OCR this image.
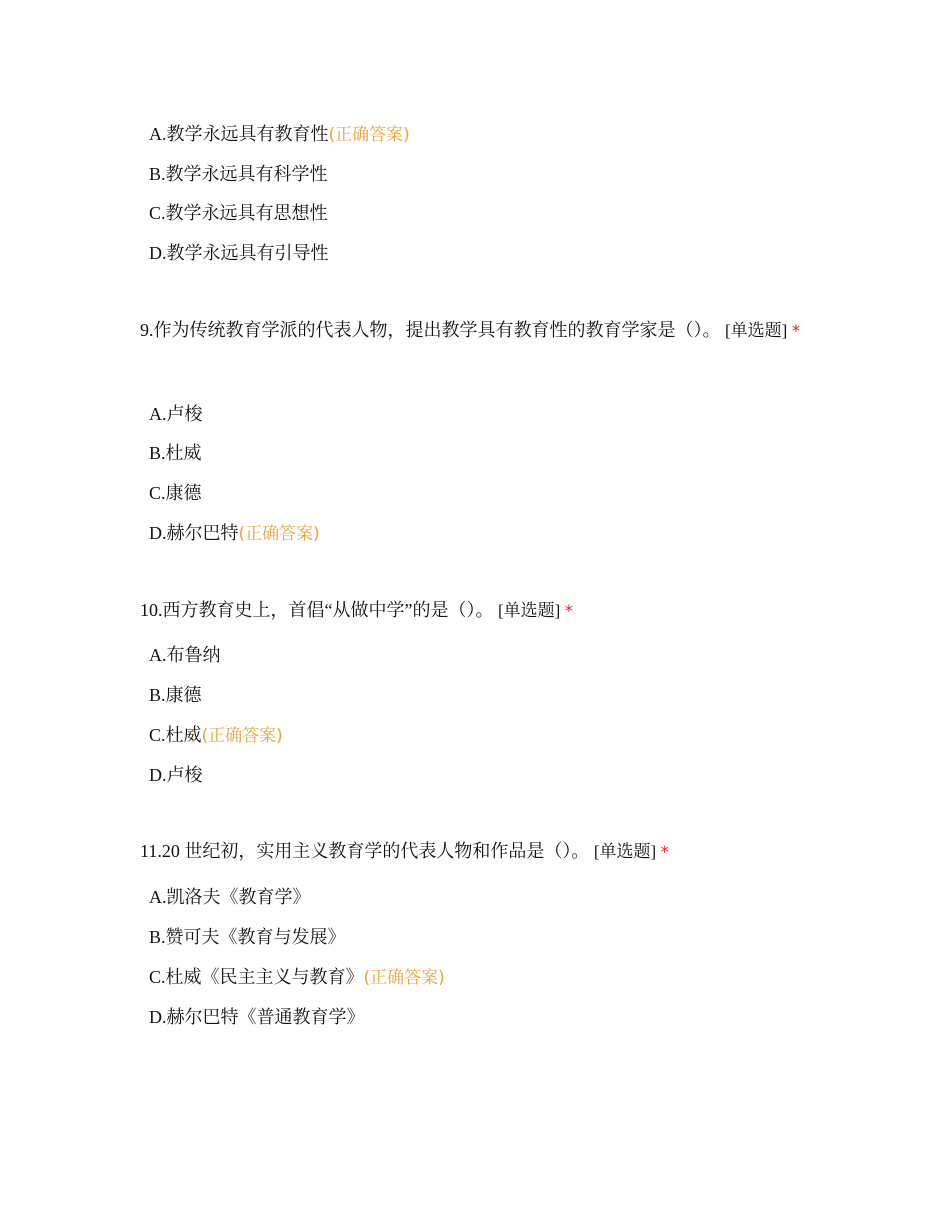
A.教学永远具有教育性(正确答案)
B.教学永远具有科学性
C.教学永远具有思想性
D.教学永远具有引导性
9.作为传统教育学派的代表人物，提出教学具有教育性的教育学家是（）。 [单选题] *
A.卢梭
B.杜威
C.康德
D.赫尔巴特(正确答案)
10.西方教育史上，首倡“从做中学”的是（）。 [单选题] *
A.布鲁纳
B.康德
C.杜威(正确答案)
D.卢梭
11.20 世纪初，实用主义教育学的代表人物和作品是（）。 [单选题] *
A.凯洛夫《教育学》
B.赞可夫《教育与发展》
C.杜威《民主主义与教育》(正确答案)
D.赫尔巴特《普通教育学》
